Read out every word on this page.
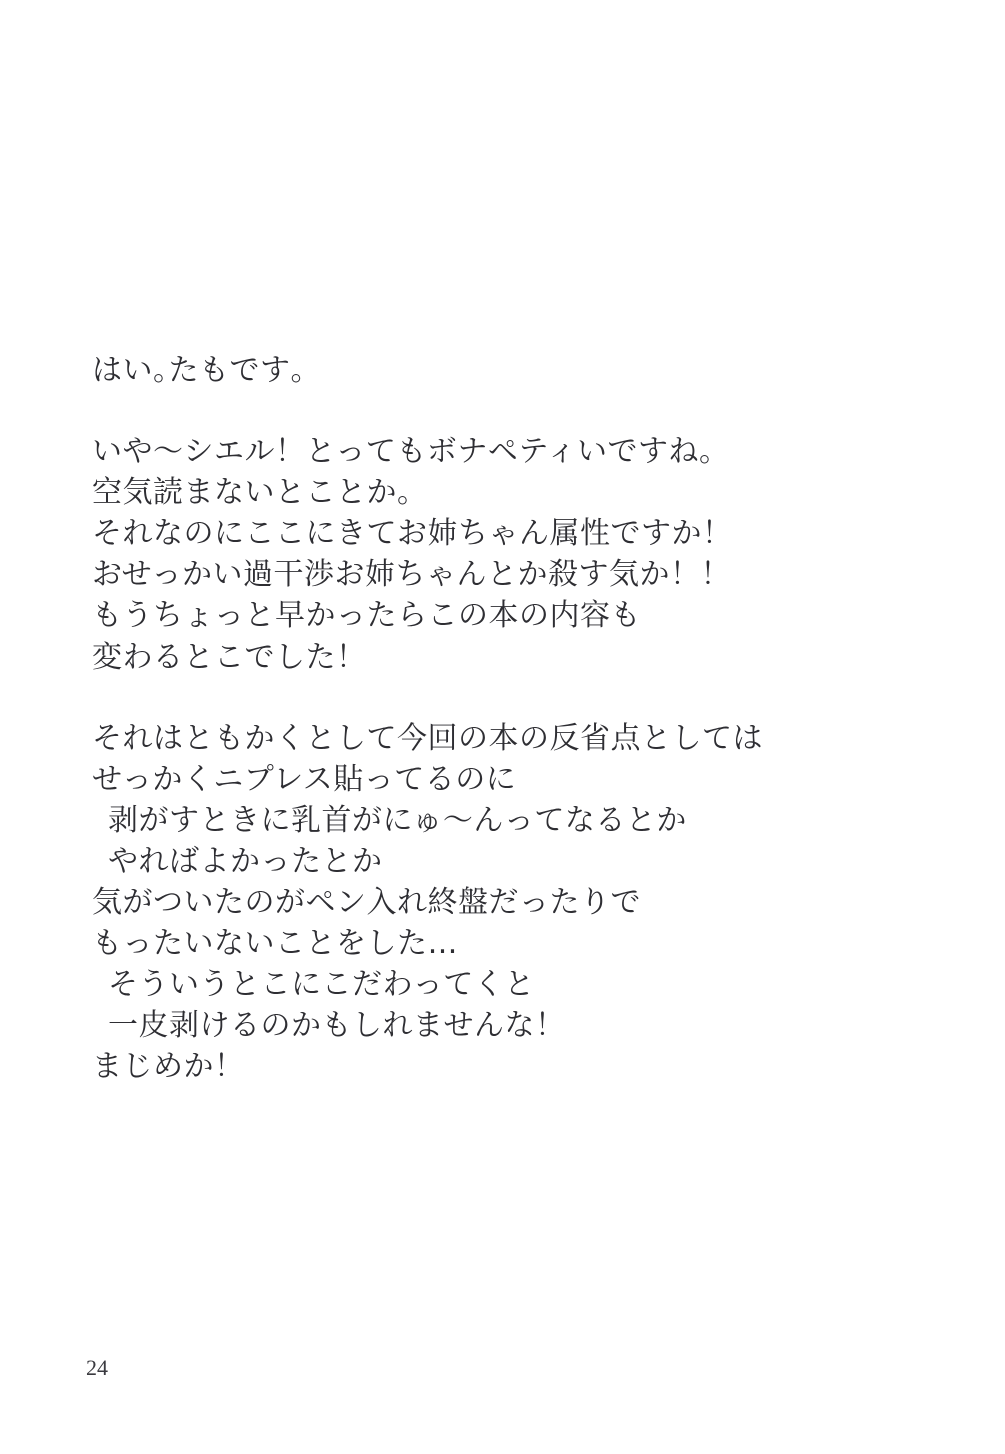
はい｡たもです｡
いや～シエル！とってもボナペティいですね｡
空気読まないとことか｡
それなのにここにきてお姉ちゃん属性ですか！
おせっかい過干渉お姉ちゃんとか殺す気か！！
もうちょっと早かったらこの本の内容も
変わるとこでした！
それはともかくとして今回の本の反省点としては
せっかくニプレス貼ってるのに
剥がすときに乳首がにゅ～んってなるとか
やればよかったとか
気がついたのがペン入れ終盤だったりで
もったいないことをした…
そういうとこにこだわってくと
一皮剥けるのかもしれませんな！
まじめか！
24
